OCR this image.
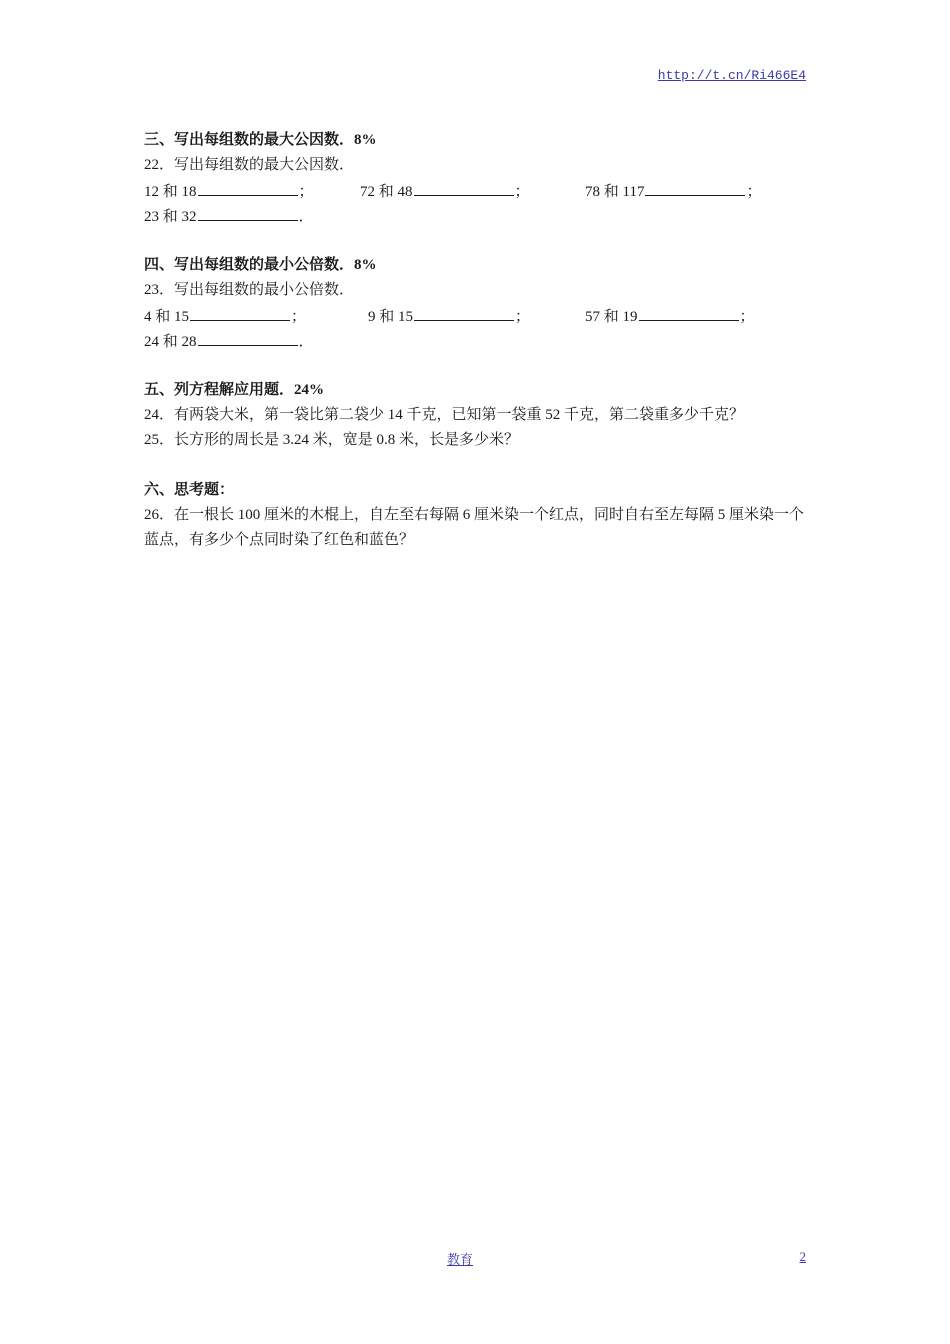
http://t.cn/Ri466E4
三、写出每组数的最大公因数．8%
22．写出每组数的最大公因数．
12 和 18	；	72 和 48	；	78 和 117	；
23 和 32	．
四、写出每组数的最小公倍数．8%
23．写出每组数的最小公倍数．
4 和 15	；	9 和 15	；	57 和 19	；
24 和 28	．
五、列方程解应用题．24%
24．有两袋大米，第一袋比第二袋少 14 千克，已知第一袋重 52 千克，第二袋重多少千克？
25．长方形的周长是 3.24 米，宽是 0.8 米，长是多少米？
六、思考题：
26．在一根长 100 厘米的木棍上，自左至右每隔 6 厘米染一个红点，同时自右至左每隔 5 厘米染一个蓝点，有多少个点同时染了红色和蓝色？
教育	2
